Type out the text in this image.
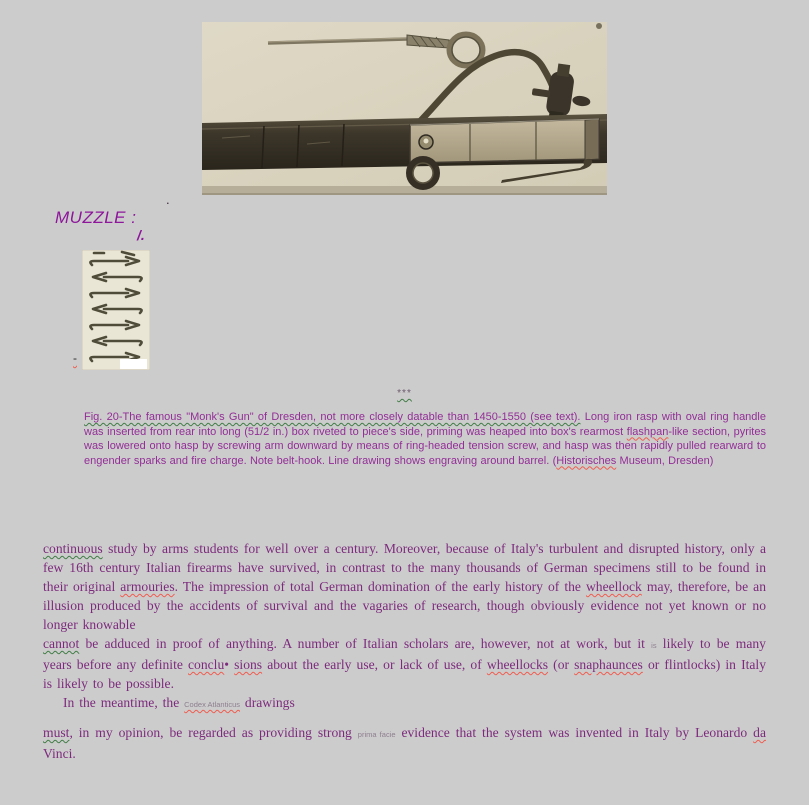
.
MUZZLE :
/.
-
***
Fig. 20-The famous "Monk's Gun" of Dresden, not more closely datable than 1450-1550 (see text). Long iron rasp with oval ring handle was inserted from rear into long (51/2 in.) box riveted to piece's side, priming was heaped into box's rearmost flashpan-like section, pyrites was lowered onto hasp by screwing arm downward by means of ring-headed tension screw, and hasp was then rapidly pulled rearward to engender sparks and fire charge. Note belt-hook. Line drawing shows engraving around barrel. (Historisches Museum, Dresden)

continuous study by arms students for well over a century. Moreover, because of Italy's turbulent and disrupted history, only a few 16th century Italian firearms have survived, in contrast to the many thousands of German specimens still to be found in their original armouries. The impression of total German domination of the early history of the wheellock may, therefore, be an illusion produced by the accidents of survival and the vagaries of research, though obviously evidence not yet known or no longer knowable

cannot be adduced in proof of anything. A number of Italian scholars are, however, not at work, but it is likely to be many years before any definite conclu• sions about the early use, or lack of use, of wheellocks (or snaphaunces or flintlocks) in Italy is likely to be possible.

In the meantime, the Codex Atlanticus drawings

must, in my opinion, be regarded as providing strong prima facie evidence that the system was invented in Italy by Leonardo da Vinci.
